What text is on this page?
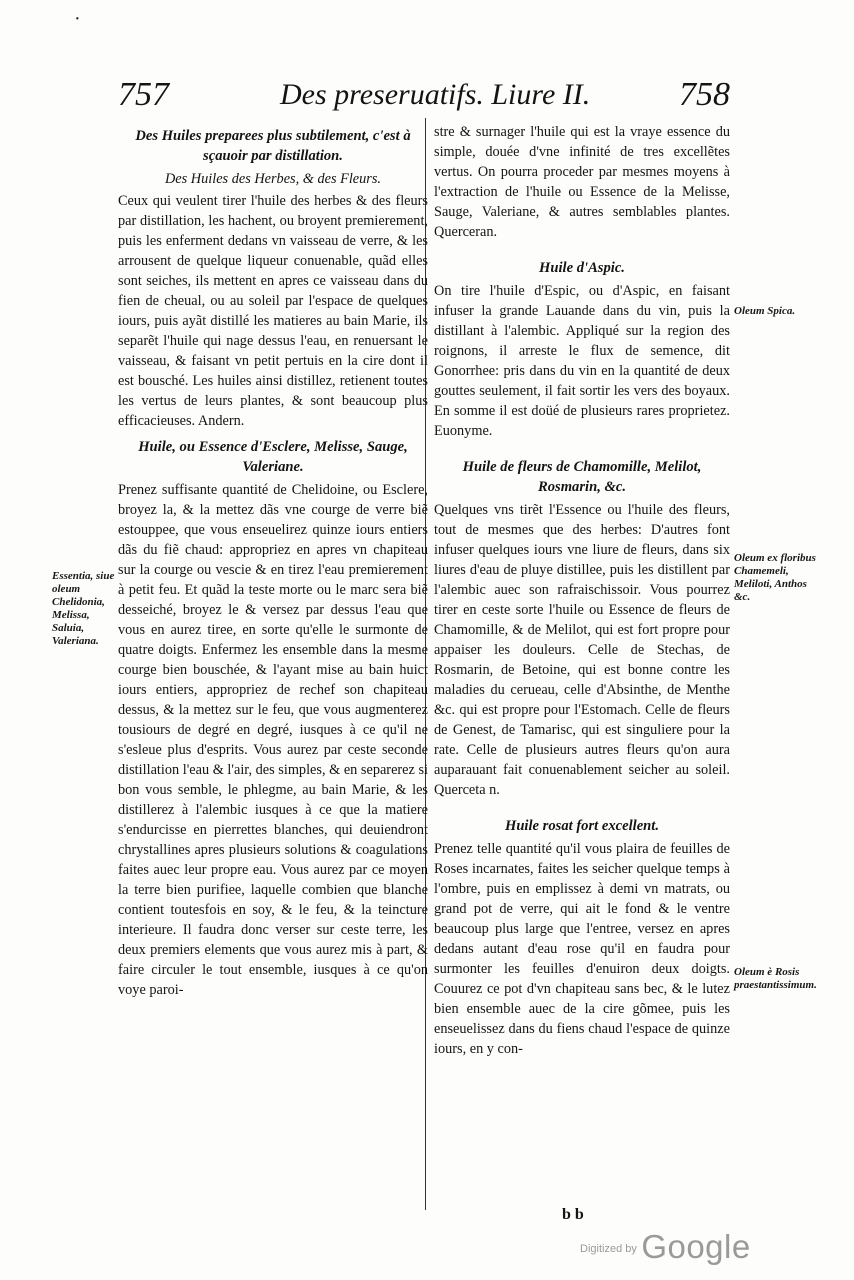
·
757	Des preseruatifs. Liure II.	758
Des Huiles preparees plus subtilement, c'est à sçauoir par distillation.
Des Huiles des Herbes, & des Fleurs.

Ceux qui veulent tirer l'huile des herbes & des fleurs par distillation, les hachent, ou broyent premierement, puis les enferment dedans vn vaisseau de verre, & les arrousent de quelque liqueur conuenable, quãd elles sont seiches, ils mettent en apres ce vaisseau dans du fien de cheual, ou au soleil par l'espace de quelques iours, puis ayãt distillé les matieres au bain Marie, ils separẽt l'huile qui nage dessus l'eau, en renuersant le vaisseau, & faisant vn petit pertuis en la cire dont il est bousché. Les huiles ainsi distillez, retienent toutes les vertus de leurs plantes, & sont beaucoup plus efficacieuses. Andern.

Huile, ou Essence d'Esclere, Melisse, Sauge, Valeriane.

Prenez suffisante quantité de Chelidoine, ou Esclere, broyez la, & la mettez dãs vne courge de verre biẽ estouppee, que vous enseuelirez quinze iours entiers dãs du fiẽ chaud: appropriez en apres vn chapiteau sur la courge ou vescie & en tirez l'eau premierement à petit feu. Et quãd la teste morte ou le marc sera biẽ desseiché, broyez le & versez par dessus l'eau que vous en aurez tiree, en sorte qu'elle le surmonte de quatre doigts. Enfermez les ensemble dans la mesme courge bien bouschée, & l'ayant mise au bain huict iours entiers, appropriez de rechef son chapiteau dessus, & la mettez sur le feu, que vous augmenterez tousiours de degré en degré, iusques à ce qu'il ne s'esleue plus d'esprits. Vous aurez par ceste seconde distillation l'eau & l'air, des simples, & en separerez si bon vous semble, le phlegme, au bain Marie, & les distillerez à l'alembic iusques à ce que la matiere s'endurcisse en pierrettes blanches, qui deuiendront chrystallines apres plusieurs solutions & coagulations faites auec leur propre eau. Vous aurez par ce moyen la terre bien purifiee, laquelle combien que blanche contient toutesfois en soy, & le feu, & la teincture interieure. Il faudra donc verser sur ceste terre, les deux premiers elements que vous aurez mis à part, & faire circuler le tout ensemble, iusques à ce qu'on voye paroi-

stre & surnager l'huile qui est la vraye essence du simple, douée d'vne infinité de tres excellẽtes vertus. On pourra proceder par mesmes moyens à l'extraction de l'huile ou Essence de la Melisse, Sauge, Valeriane, & autres semblables plantes. Querceran.

Huile d'Aspic.

On tire l'huile d'Espic, ou d'Aspic, en faisant infuser la grande Lauande dans du vin, puis la distillant à l'alembic. Appliqué sur la region des roignons, il arreste le flux de semence, dit Gonorrhee: pris dans du vin en la quantité de deux gouttes seulement, il fait sortir les vers des boyaux. En somme il est doüé de plusieurs rares proprietez. Euonyme.

Huile de fleurs de Chamomille, Melilot, Rosmarin, &c.

Quelques vns tirẽt l'Essence ou l'huile des fleurs, tout de mesmes que des herbes: D'autres font infuser quelques iours vne liure de fleurs, dans six liures d'eau de pluye distillee, puis les distillent par l'alembic auec son rafraischissoir. Vous pourrez tirer en ceste sorte l'huile ou Essence de fleurs de Chamomille, & de Melilot, qui est fort propre pour appaiser les douleurs. Celle de Stechas, de Rosmarin, de Betoine, qui est bonne contre les maladies du cerueau, celle d'Absinthe, de Menthe &c. qui est propre pour l'Estomach. Celle de fleurs de Genest, de Tamarisc, qui est singuliere pour la rate. Celle de plusieurs autres fleurs qu'on aura auparauant fait conuenablement seicher au soleil. Querceta n.

Huile rosat fort excellent.

Prenez telle quantité qu'il vous plaira de feuilles de Roses incarnates, faites les seicher quelque temps à l'ombre, puis en emplissez à demi vn matrats, ou grand pot de verre, qui ait le fond & le ventre beaucoup plus large que l'entree, versez en apres dedans autant d'eau rose qu'il en faudra pour surmonter les feuilles d'enuiron deux doigts. Couurez ce pot d'vn chapiteau sans bec, & le lutez bien ensemble auec de la cire gõmee, puis les enseuelissez dans du fiens chaud l'espace de quinze iours, en y con-

Essentia, siue oleum Chelidonia, Melissa, Saluia, Valeriana.
Oleum Spica.
Oleum ex floribus Chamemeli, Meliloti, Anthos &c.
Oleum è Rosis praestantissimum.
b b
$^{Digitized by}$ Google
